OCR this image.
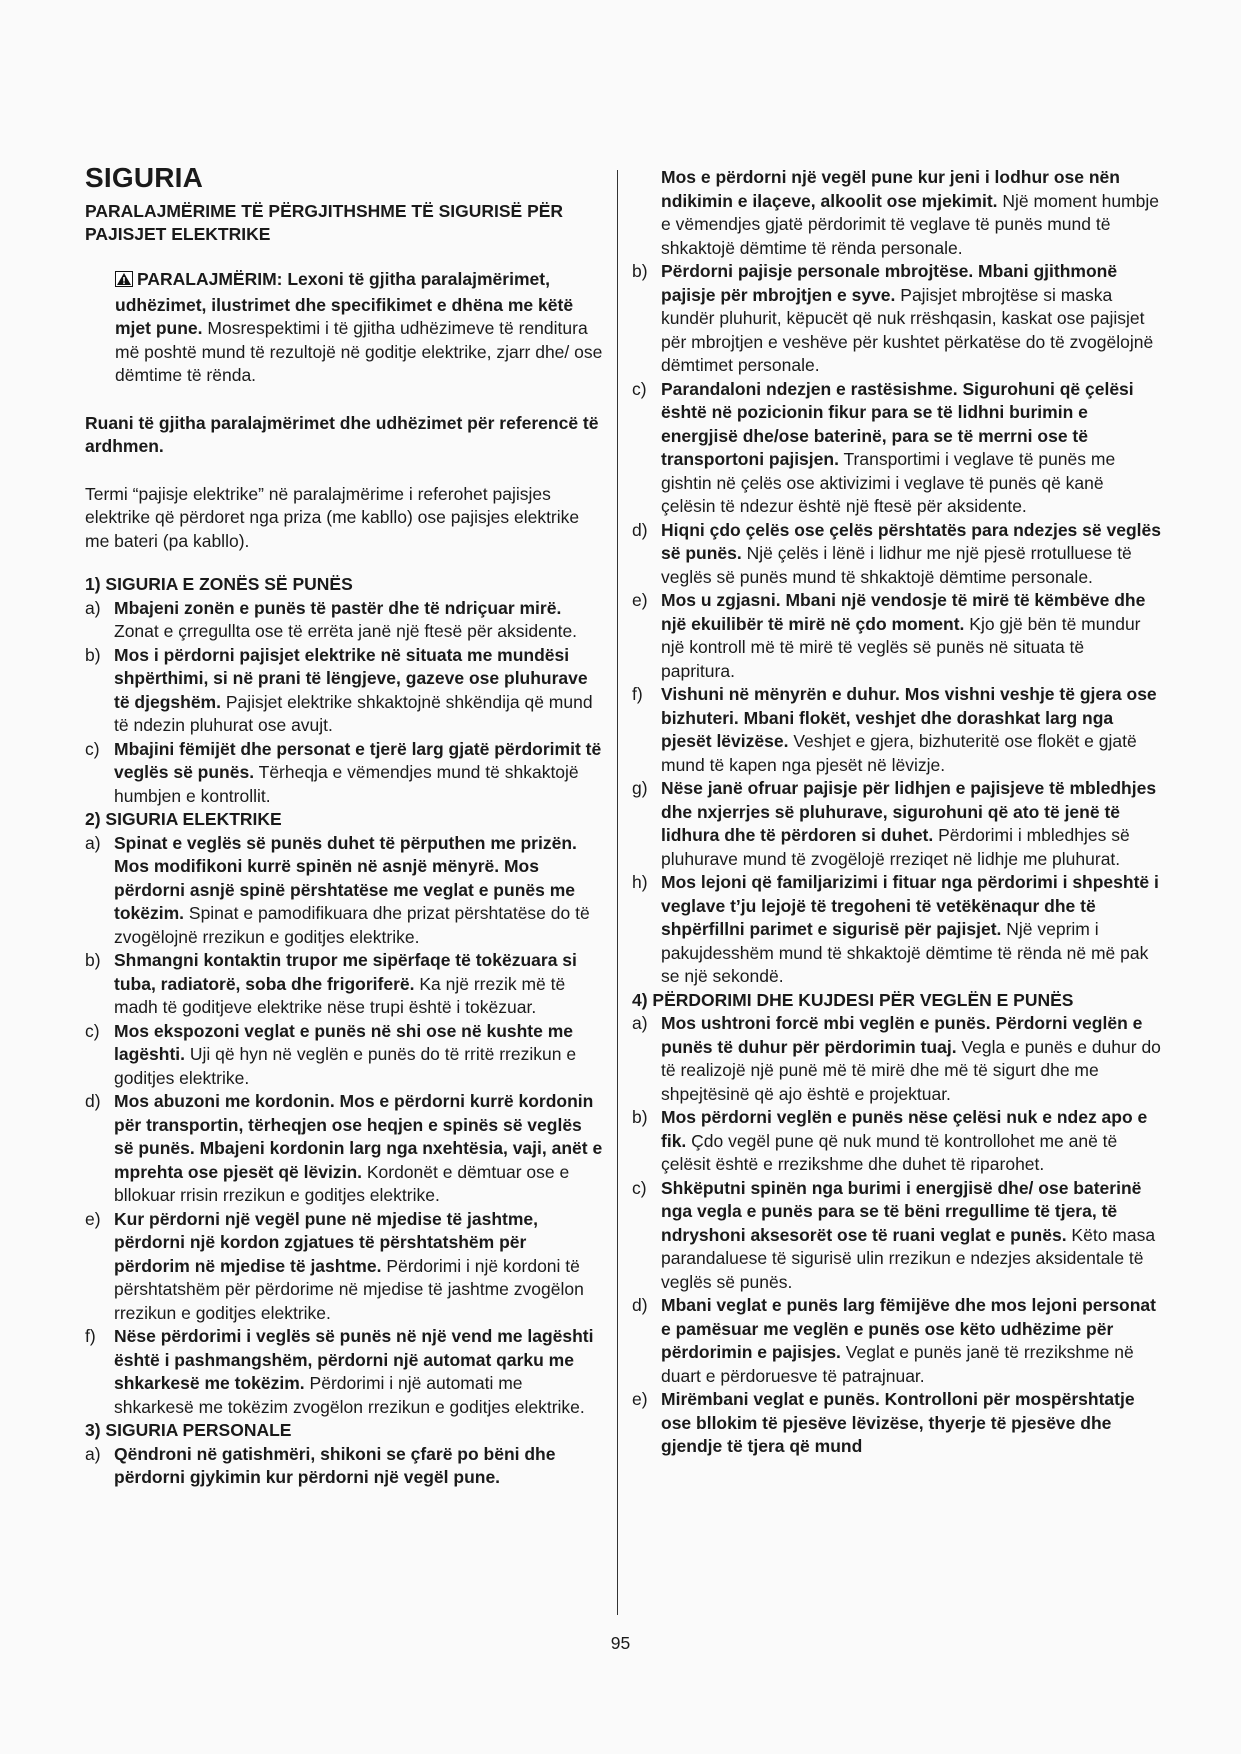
SIGURIA
PARALAJMËRIME TË PËRGJITHSHME TË SIGURISË PËR PAJISJET ELEKTRIKE

PARALAJMËRIM: Lexoni të gjitha paralajmërimet, udhëzimet, ilustrimet dhe specifikimet e dhëna me këtë mjet pune. Mosrespektimi i të gjitha udhëzimeve të renditura më poshtë mund të rezultojë në goditje elektrike, zjarr dhe/ ose dëmtime të rënda.

Ruani të gjitha paralajmërimet dhe udhëzimet për referencë të ardhmen.

Termi “pajisje elektrike” në paralajmërime i referohet pajisjes elektrike që përdoret nga priza (me kabllo) ose pajisjes elektrike me bateri (pa kabllo).

1) SIGURIA E ZONËS SË PUNËS

a) Mbajeni zonën e punës të pastër dhe të ndriçuar mirë. Zonat e çrregullta ose të errëta janë një ftesë për aksidente.
b) Mos i përdorni pajisjet elektrike në situata me mundësi shpërthimi, si në prani të lëngjeve, gazeve ose pluhurave të djegshëm. Pajisjet elektrike shkaktojnë shkëndija që mund të ndezin pluhurat ose avujt.
c) Mbajini fëmijët dhe personat e tjerë larg gjatë përdorimit të veglës së punës. Tërheqja e vëmendjes mund të shkaktojë humbjen e kontrollit.

2) SIGURIA ELEKTRIKE

a) Spinat e veglës së punës duhet të përputhen me prizën. Mos modifikoni kurrë spinën në asnjë mënyrë. Mos përdorni asnjë spinë përshtatëse me veglat e punës me tokëzim. Spinat e pamodifikuara dhe prizat përshtatëse do të zvogëlojnë rrezikun e goditjes elektrike.
b) Shmangni kontaktin trupor me sipërfaqe të tokëzuara si tuba, radiatorë, soba dhe frigoriferë. Ka një rrezik më të madh të goditjeve elektrike nëse trupi është i tokëzuar.
c) Mos ekspozoni veglat e punës në shi ose në kushte me lagështi. Uji që hyn në veglën e punës do të rritë rrezikun e goditjes elektrike.
d) Mos abuzoni me kordonin. Mos e përdorni kurrë kordonin për transportin, tërheqjen ose heqjen e spinës së veglës së punës. Mbajeni kordonin larg nga nxehtësia, vaji, anët e mprehta ose pjesët që lëvizin. Kordonët e dëmtuar ose e bllokuar rrisin rrezikun e goditjes elektrike.
e) Kur përdorni një vegël pune në mjedise të jashtme, përdorni një kordon zgjatues të përshtatshëm për përdorim në mjedise të jashtme. Përdorimi i një kordoni të përshtatshëm për përdorime në mjedise të jashtme zvogëlon rrezikun e goditjes elektrike.
f) Nëse përdorimi i veglës së punës në një vend me lagështi është i pashmangshëm, përdorni një automat qarku me shkarkesë me tokëzim. Përdorimi i një automati me shkarkesë me tokëzim zvogëlon rrezikun e goditjes elektrike.

3) SIGURIA PERSONALE

a) Qëndroni në gatishmëri, shikoni se çfarë po bëni dhe përdorni gjykimin kur përdorni një vegël pune.
Mos e përdorni një vegël pune kur jeni i lodhur ose nën ndikimin e ilaçeve, alkoolit ose mjekimit. Një moment humbje e vëmendjes gjatë përdorimit të veglave të punës mund të shkaktojë dëmtime të rënda personale.
b) Përdorni pajisje personale mbrojtëse. Mbani gjithmonë pajisje për mbrojtjen e syve. Pajisjet mbrojtëse si maska kundër pluhurit, këpucët që nuk rrëshqasin, kaskat ose pajisjet për mbrojtjen e veshëve për kushtet përkatëse do të zvogëlojnë dëmtimet personale.
c) Parandaloni ndezjen e rastësishme. Sigurohuni që çelësi është në pozicionin fikur para se të lidhni burimin e energjisë dhe/ose baterinë, para se të merrni ose të transportoni pajisjen. Transportimi i veglave të punës me gishtin në çelës ose aktivizimi i veglave të punës që kanë çelësin të ndezur është një ftesë për aksidente.
d) Hiqni çdo çelës ose çelës përshtatës para ndezjes së veglës së punës. Një çelës i lënë i lidhur me një pjesë rrotulluese të veglës së punës mund të shkaktojë dëmtime personale.
e) Mos u zgjasni. Mbani një vendosje të mirë të këmbëve dhe një ekuilibër të mirë në çdo moment. Kjo gjë bën të mundur një kontroll më të mirë të veglës së punës në situata të papritura.
f) Vishuni në mënyrën e duhur. Mos vishni veshje të gjera ose bizhuteri. Mbani flokët, veshjet dhe dorashkat larg nga pjesët lëvizëse. Veshjet e gjera, bizhuteritë ose flokët e gjatë mund të kapen nga pjesët në lëvizje.
g) Nëse janë ofruar pajisje për lidhjen e pajisjeve të mbledhjes dhe nxjerrjes së pluhurave, sigurohuni që ato të jenë të lidhura dhe të përdoren si duhet. Përdorimi i mbledhjes së pluhurave mund të zvogëlojë rreziqet në lidhje me pluhurat.
h) Mos lejoni që familjarizimi i fituar nga përdorimi i shpeshtë i veglave t’ju lejojë të tregoheni të vetëkënaqur dhe të shpërfillni parimet e sigurisë për pajisjet. Një veprim i pakujdesshëm mund të shkaktojë dëmtime të rënda në më pak se një sekondë.

4) PËRDORIMI DHE KUJDESI PËR VEGLËN E PUNËS

a) Mos ushtroni forcë mbi veglën e punës. Përdorni veglën e punës të duhur për përdorimin tuaj. Vegla e punës e duhur do të realizojë një punë më të mirë dhe më të sigurt dhe me shpejtësinë që ajo është e projektuar.
b) Mos përdorni veglën e punës nëse çelësi nuk e ndez apo e fik. Çdo vegël pune që nuk mund të kontrollohet me anë të çelësit është e rrezikshme dhe duhet të riparohet.
c) Shkëputni spinën nga burimi i energjisë dhe/ ose baterinë nga vegla e punës para se të bëni rregullime të tjera, të ndryshoni aksesorët ose të ruani veglat e punës. Këto masa parandaluese të sigurisë ulin rrezikun e ndezjes aksidentale të veglës së punës.
d) Mbani veglat e punës larg fëmijëve dhe mos lejoni personat e pamësuar me veglën e punës ose këto udhëzime për përdorimin e pajisjes. Veglat e punës janë të rrezikshme në duart e përdoruesve të patrajnuar.
e) Mirëmbani veglat e punës. Kontrolloni për mospërshtatje ose bllokim të pjesëve lëvizëse, thyerje të pjesëve dhe gjendje të tjera që mund
95
